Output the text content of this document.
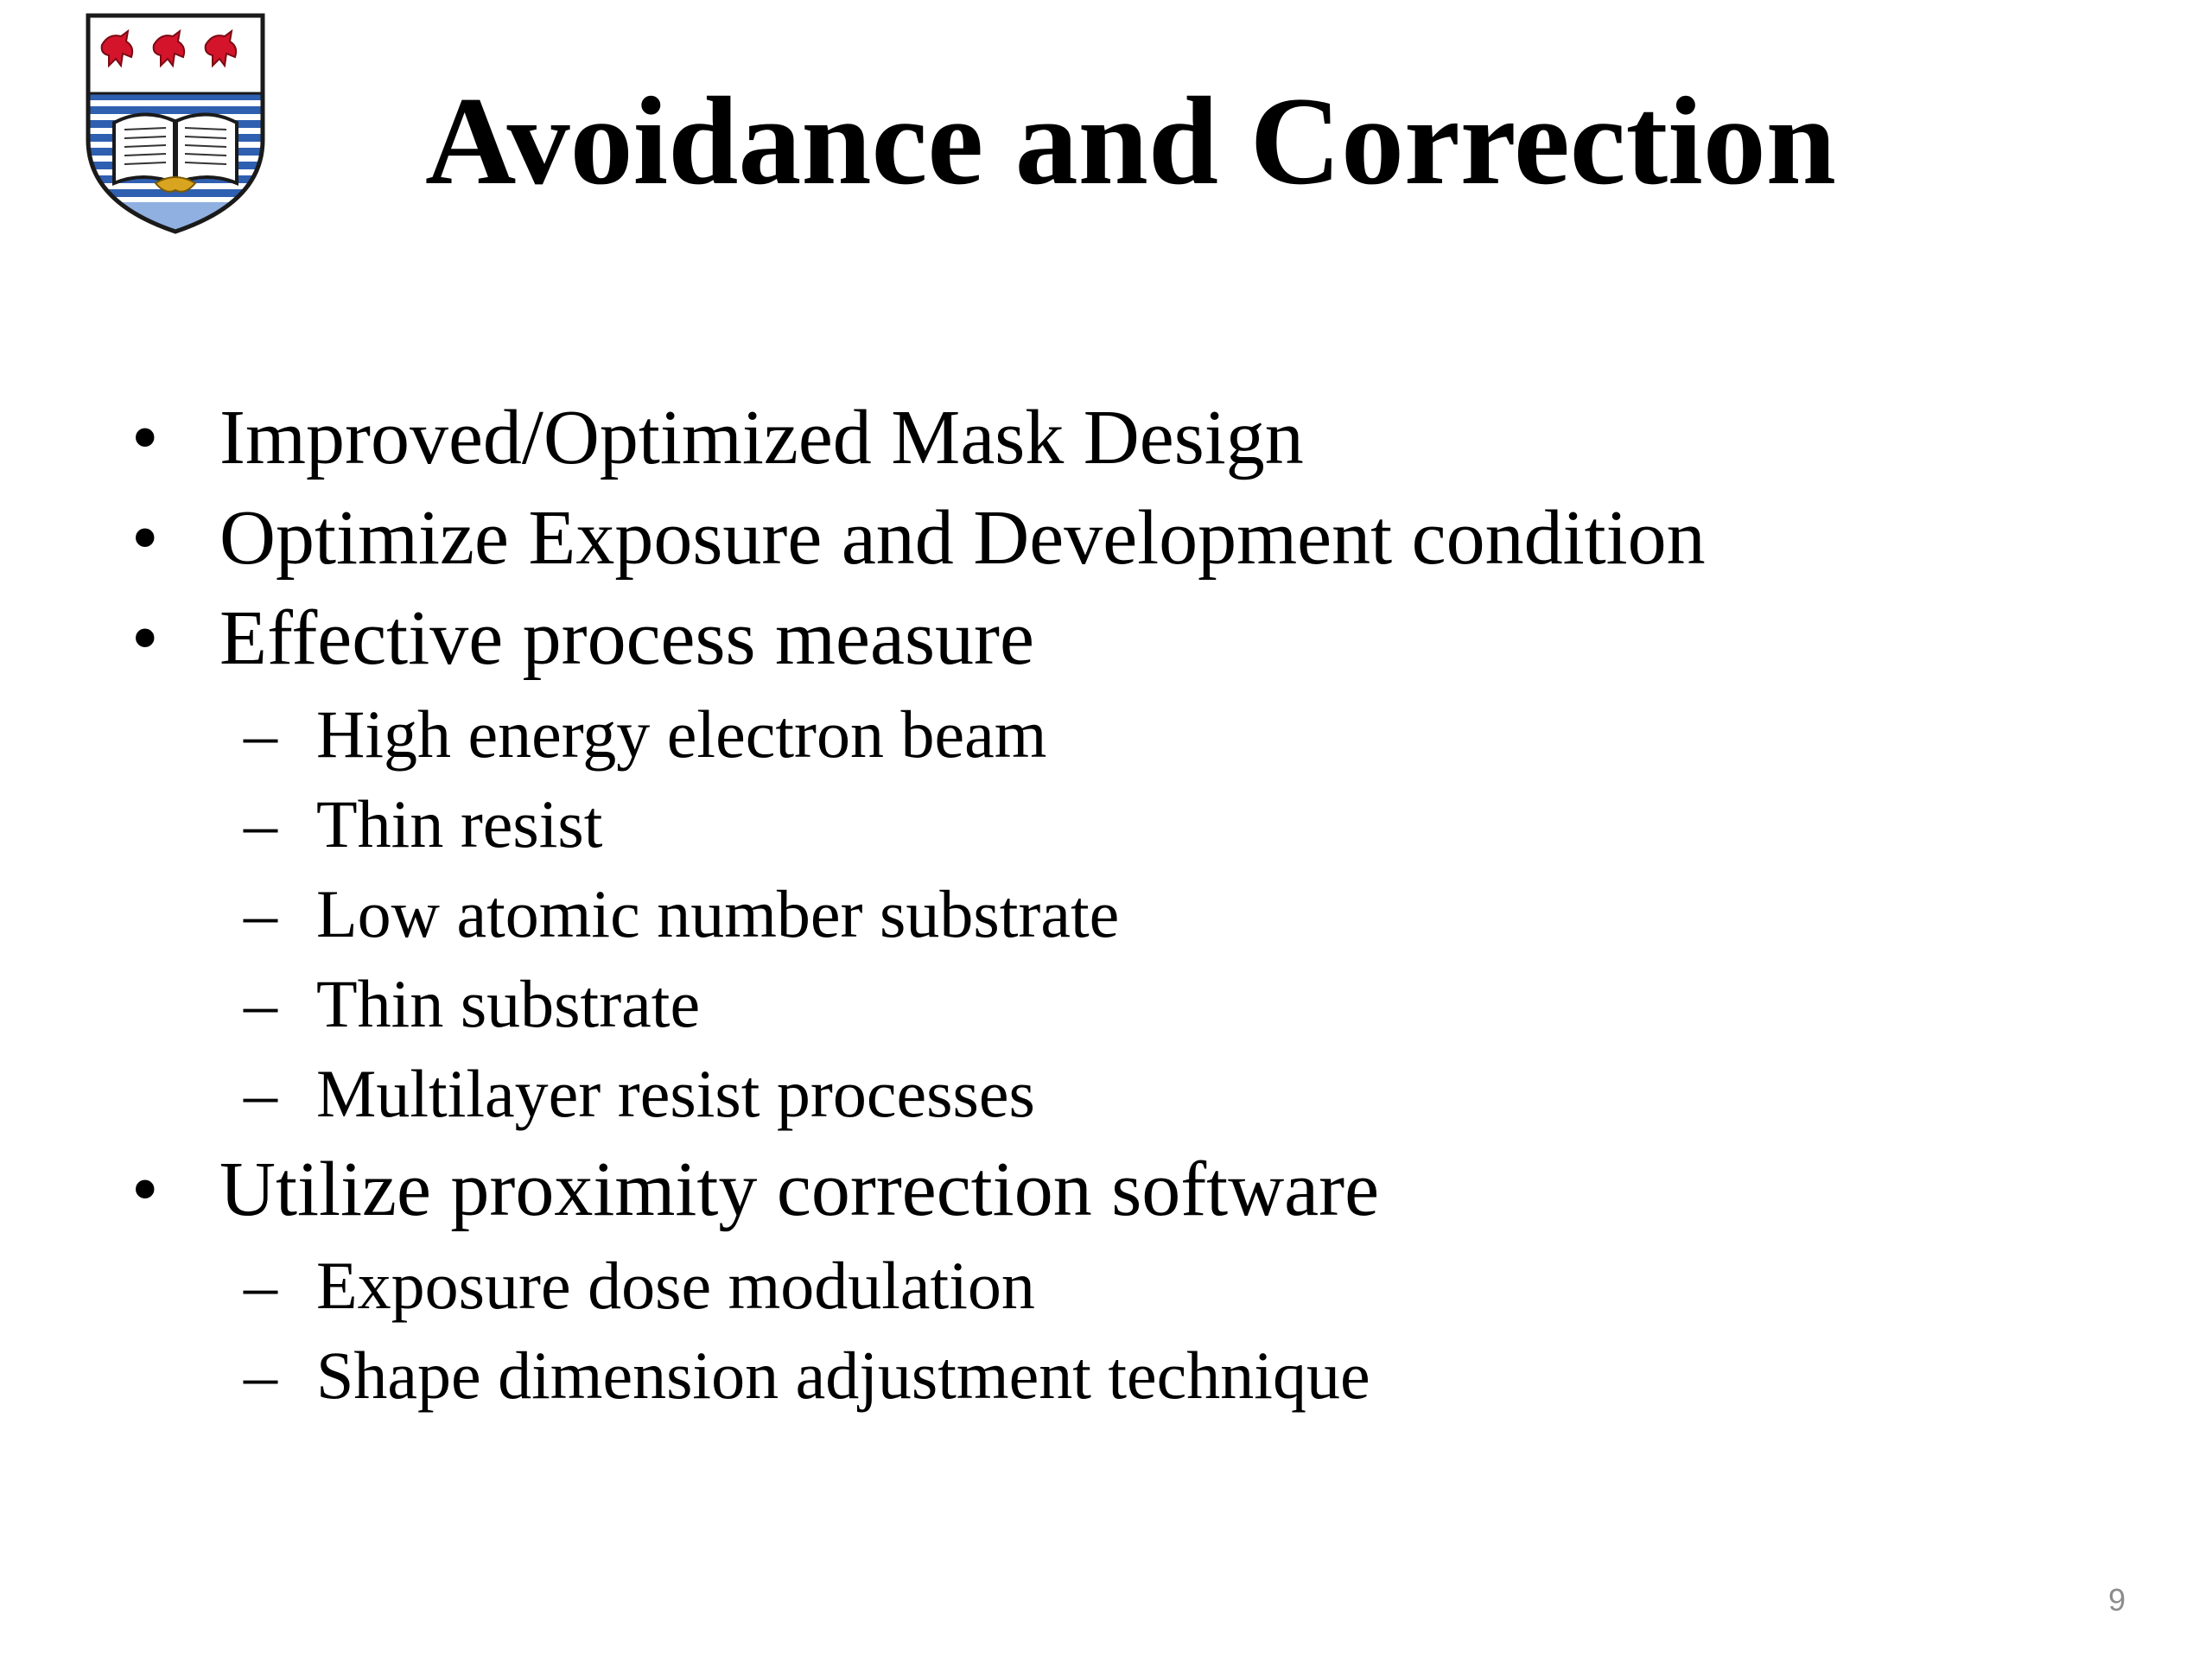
Avoidance and Correction
• Improved/Optimized Mask Design
• Optimize Exposure and Development condition
• Effective process measure
– High energy electron beam
– Thin resist
– Low atomic number substrate
– Thin substrate
– Multilayer resist processes
• Utilize proximity correction software
– Exposure dose modulation
– Shape dimension adjustment technique
9
